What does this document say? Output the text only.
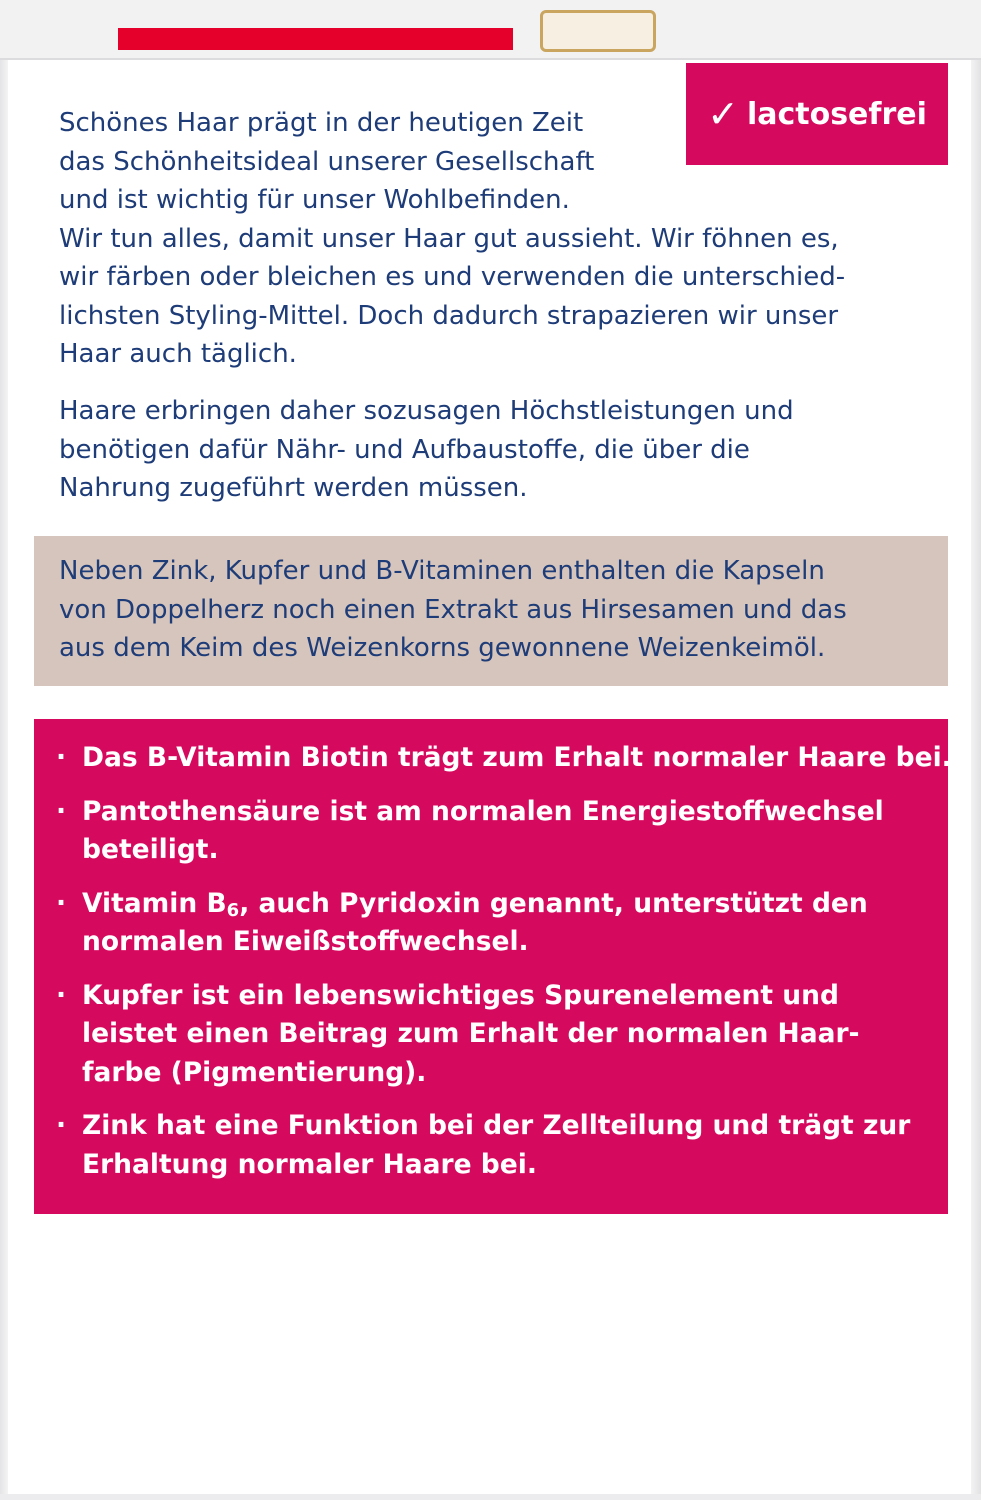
✓ lactosefrei
Schönes Haar prägt in der heutigen Zeit
das Schönheitsideal unserer Gesellschaft
und ist wichtig für unser Wohlbefinden.
Wir tun alles, damit unser Haar gut aussieht. Wir föhnen es,
wir färben oder bleichen es und verwenden die unterschied-
lichsten Styling-Mittel. Doch dadurch strapazieren wir unser
Haar auch täglich.
Haare erbringen daher sozusagen Höchstleistungen und
benötigen dafür Nähr- und Aufbaustoffe, die über die
Nahrung zugeführt werden müssen.
Neben Zink, Kupfer und B-Vitaminen enthalten die Kapseln
von Doppelherz noch einen Extrakt aus Hirsesamen und das
aus dem Keim des Weizenkorns gewonnene Weizenkeimöl.
· Das B-Vitamin Biotin trägt zum Erhalt normaler Haare bei.
· Pantothensäure ist am normalen Energiestoffwechsel
beteiligt.
· Vitamin $B_6$, auch Pyridoxin genannt, unterstützt den
normalen Eiweißstoffwechsel.
· Kupfer ist ein lebenswichtiges Spurenelement und
leistet einen Beitrag zum Erhalt der normalen Haar-
farbe (Pigmentierung).
· Zink hat eine Funktion bei der Zellteilung und trägt zur
Erhaltung normaler Haare bei.
